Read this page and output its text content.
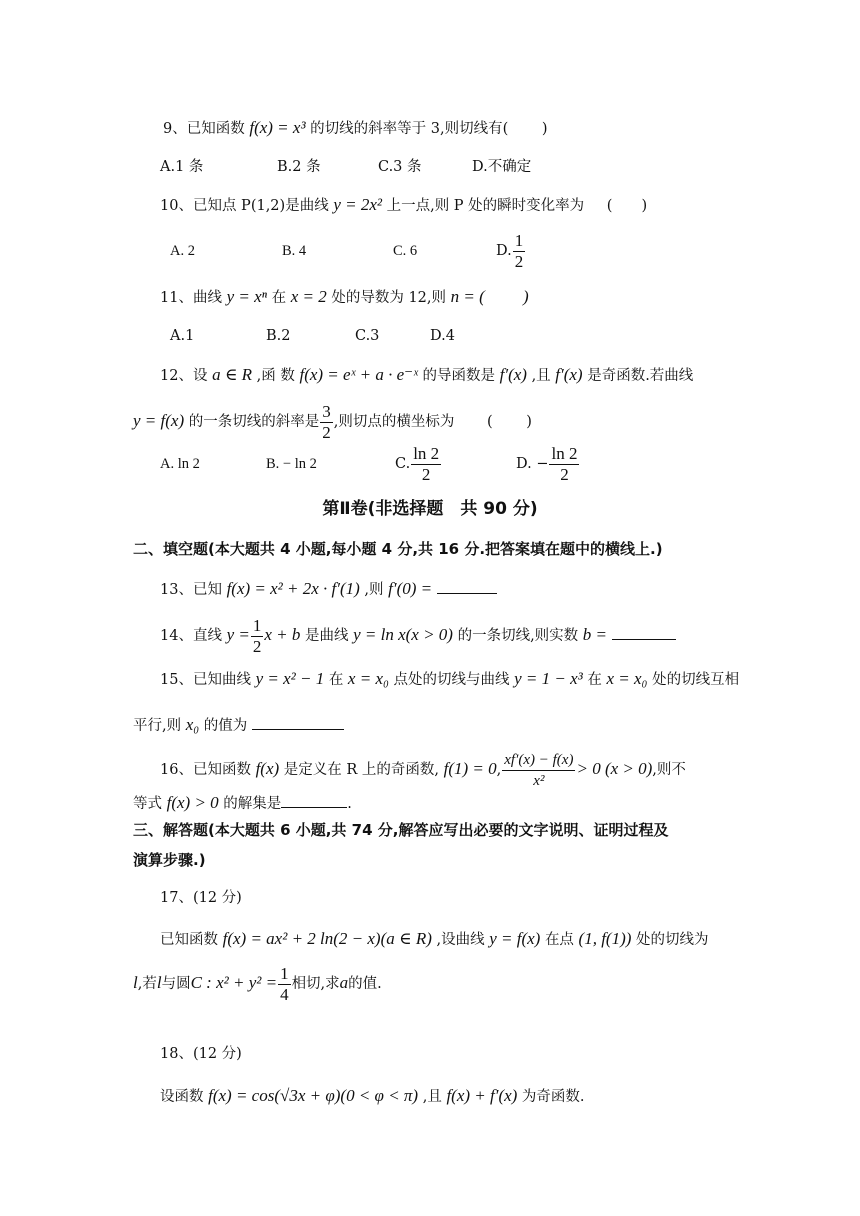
9、已知函数 f(x) = x³ 的切线的斜率等于 3,则切线有(　　 )
A.1 条	B.2 条	C.3 条	D.不确定
10、已知点 P(1,2)是曲线 y = 2x² 上一点,则 P 处的瞬时变化率为 (　　)
A. 2	B. 4	C. 6	D. $\frac{1}{2}$
11、曲线 y = xⁿ 在 x = 2 处的导数为 12,则 n = (　　 )
A.1	B.2	C.3	D.4
12、设 a ∈ R ,函 数 f(x) = eˣ + a · e⁻ˣ 的导函数是 f′(x) ,且 f′(x) 是奇函数.若曲线
y = f(x) 的一条切线的斜率是 $\frac{3}{2}$ ,则切点的横坐标为 (　　 )
A. ln 2	B. − ln 2	C. $\frac{\ln 2}{2}$	D. − $\frac{\ln 2}{2}$
第Ⅱ卷(非选择题　共 90 分)
二、填空题(本大题共 4 小题,每小题 4 分,共 16 分.把答案填在题中的横线上.)
13、已知 f(x) = x² + 2x · f′(1) ,则 f′(0) =
14、直线 $y = \frac{1}{2}$ x + b 是曲线 y = ln x(x > 0) 的一条切线,则实数 b =
15、已知曲线 y = x² − 1 在 x = x₀ 点处的切线与曲线 y = 1 − x³ 在 x = x₀ 处的切线互相
平行,则 x₀ 的值为
16、已知函数 f(x) 是定义在 R 上的奇函数, f(1) = 0, $\frac{xf'(x) - f(x)}{\text{x²}} > 0$ (x > 0),则不
等式 f(x) > 0 的解集是	.
三、解答题(本大题共 6 小题,共 74 分,解答应写出必要的文字说明、证明过程及
演算步骤.)
17、(12 分)
已知函数 f(x) = ax² + 2 ln(2 − x)(a ∈ R) ,设曲线 y = f(x) 在点 (1, f(1)) 处的切线为
l,若l与圆C : $x^2 + y^2 = \frac{1}{4}$ 相切,求a的值.
18、(12 分)
设函数 f(x) = cos(√3x + φ)(0 < φ < π) ,且 f(x) + f′(x) 为奇函数.
